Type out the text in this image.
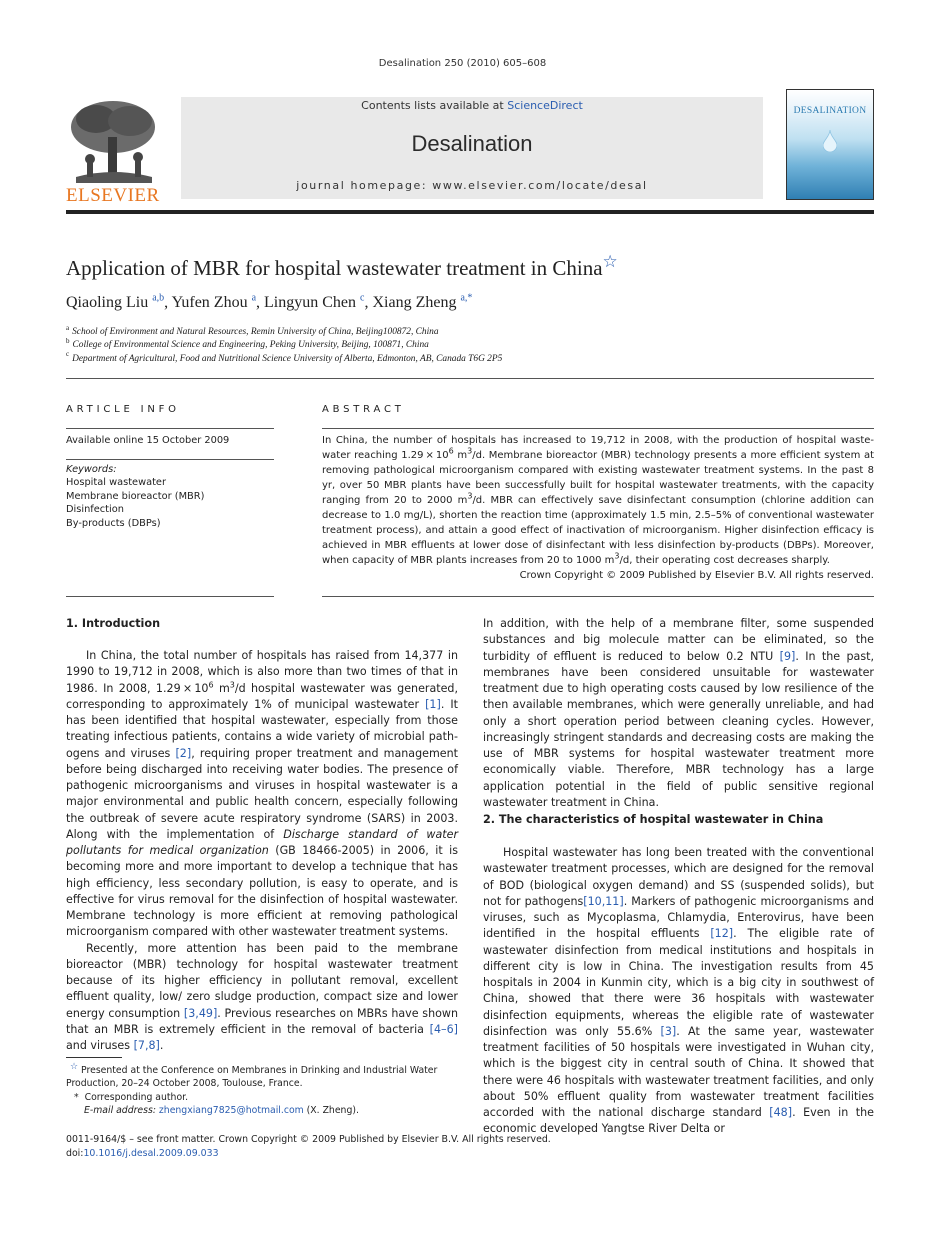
Desalination 250 (2010) 605–608
ELSEVIER
Contents lists available at ScienceDirect
Desalination
journal homepage: www.elsevier.com/locate/desal
DESALINATION
Application of MBR for hospital wastewater treatment in China☆
Qiaoling Liu $^{a,b}$, Yufen Zhou $^a$, Lingyun Chen $^c$, Xiang Zheng $^{a,*}$
$^a$ School of Environment and Natural Resources, Remin University of China, Beijing100872, China
$^b$ College of Environmental Science and Engineering, Peking University, Beijing, 100871, China
$^c$ Department of Agricultural, Food and Nutritional Science University of Alberta, Edmonton, AB, Canada T6G 2P5
ARTICLE INFO
Available online 15 October 2009
Keywords:
Hospital wastewater
Membrane bioreactor (MBR)
Disinfection
By-products (DBPs)
ABSTRACT
In China, the number of hospitals has increased to 19,712 in 2008, with the production of hospital wastewater reaching $1.29 \times 10^6$ $m^3/d$. Membrane bioreactor (MBR) technology presents a more efficient system at removing pathological microorganism compared with existing wastewater treatment systems. In the past 8 yr, over 50 MBR plants have been successfully built for hospital wastewater treatments, with the capacity ranging from 20 to 2000 $m^3/d$. MBR can effectively save disinfectant consumption (chlorine addition can decrease to 1.0 mg/L), shorten the reaction time (approximately 1.5 min, 2.5–5% of conventional wastewater treatment process), and attain a good effect of inactivation of microorganism. Higher disinfection efficacy is achieved in MBR effluents at lower dose of disinfectant with less disinfection by-products (DBPs). Moreover, when capacity of MBR plants increases from 20 to 1000 $m^3/d$, their operating cost decreases sharply.
Crown Copyright © 2009 Published by Elsevier B.V. All rights reserved.
1. Introduction

In China, the total number of hospitals has raised from 14,377 in 1990 to 19,712 in 2008, which is also more than two times of that in 1986. In 2008, $1.29 \times 10^6$ $m^3/d$ hospital wastewater was generated, corresponding to approximately 1% of municipal wastewater [1]. It has been identified that hospital wastewater, especially from those treating infectious patients, contains a wide variety of microbial pathogens and viruses [2], requiring proper treatment and management before being discharged into receiving water bodies. The presence of pathogenic microorganisms and viruses in hospital wastewater is a major environmental and public health concern, especially following the outbreak of severe acute respiratory syndrome (SARS) in 2003. Along with the implementation of Discharge standard of water pollutants for medical organization (GB 18466-2005) in 2006, it is becoming more and more important to develop a technique that has high efficiency, less secondary pollution, is easy to operate, and is effective for virus removal for the disinfection of hospital wastewater. Membrane technology is more efficient at removing pathological microorganism compared with other wastewater treatment systems.

Recently, more attention has been paid to the membrane bioreactor (MBR) technology for hospital wastewater treatment because of its higher efficiency in pollutant removal, excellent effluent quality, low/ zero sludge production, compact size and lower energy consumption [3,49]. Previous researches on MBRs have shown that an MBR is extremely efficient in the removal of bacteria [4–6] and viruses [7,8].

☆ Presented at the Conference on Membranes in Drinking and Industrial Water Production, 20–24 October 2008, Toulouse, France.
* Corresponding author.
E-mail address: zhengxiang7825@hotmail.com (X. Zheng).

In addition, with the help of a membrane filter, some suspended substances and big molecule matter can be eliminated, so the turbidity of effluent is reduced to below 0.2 NTU [9]. In the past, membranes have been considered unsuitable for wastewater treatment due to high operating costs caused by low resilience of the then available membranes, which were generally unreliable, and had only a short operation period between cleaning cycles. However, increasingly stringent standards and decreasing costs are making the use of MBR systems for hospital wastewater treatment more economically viable. Therefore, MBR technology has a large application potential in the field of public sensitive regional wastewater treatment in China.

2. The characteristics of hospital wastewater in China

Hospital wastewater has long been treated with the conventional wastewater treatment processes, which are designed for the removal of BOD (biological oxygen demand) and SS (suspended solids), but not for pathogens[10,11]. Markers of pathogenic microorganisms and viruses, such as Mycoplasma, Chlamydia, Enterovirus, have been identified in the hospital effluents [12]. The eligible rate of wastewater disinfection from medical institutions and hospitals in different city is low in China. The investigation results from 45 hospitals in 2004 in Kunmin city, which is a big city in southwest of China, showed that there were 36 hospitals with wastewater disinfection equipments, whereas the eligible rate of wastewater disinfection was only 55.6% [3]. At the same year, wastewater treatment facilities of 50 hospitals were investigated in Wuhan city, which is the biggest city in central south of China. It showed that there were 46 hospitals with wastewater treatment facilities, and only about 50% effluent quality from wastewater treatment facilities accorded with the national discharge standard [48]. Even in the economic developed Yangtse River Delta or

0011-9164/$ – see front matter. Crown Copyright © 2009 Published by Elsevier B.V. All rights reserved.
doi:10.1016/j.desal.2009.09.033
